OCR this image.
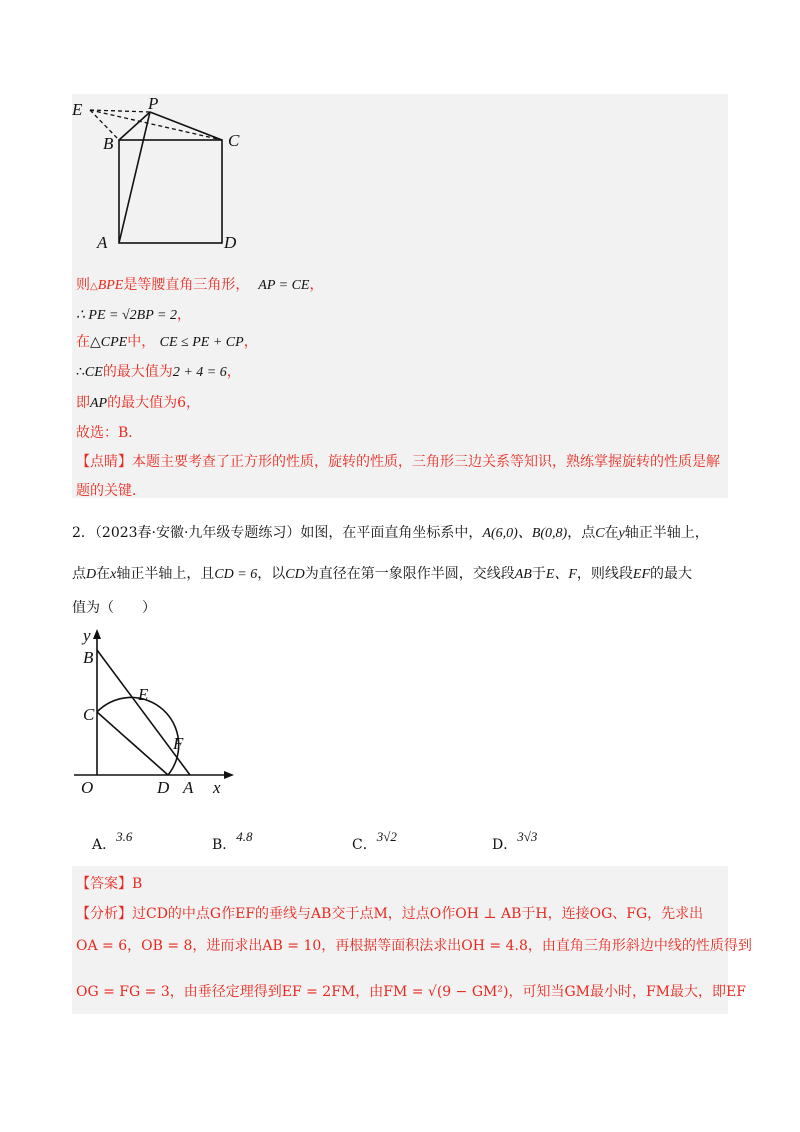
E	P
B	C
A	D
则△BPE是等腰直角三角形， AP = CE，
∴ PE = √2BP = 2，
在△CPE中， CE ≤ PE + CP，
∴CE的最大值为2 + 4 = 6，
即AP的最大值为6，
故选：B．
【点睛】本题主要考查了正方形的性质，旋转的性质，三角形三边关系等知识，熟练掌握旋转的性质是解
题的关键．
2．（2023春·安徽·九年级专题练习）如图，在平面直角坐标系中，A(6,0)、B(0,8)，点C在y轴正半轴上，
点D在x轴正半轴上，且CD = 6，以CD为直径在第一象限作半圆，交线段AB于E、F，则线段EF的最大
值为（　　）
y
B
E
C
F
O	D A x
A．3.6
B．4.8
C．3√2
D．3√3
【答案】B
【分析】过CD的中点G作EF的垂线与AB交于点M，过点O作OH ⊥ AB于H，连接OG、FG，先求出
OA = 6，OB = 8，进而求出AB = 10，再根据等面积法求出OH = 4.8，由直角三角形斜边中线的性质得到
OG = FG = 3，由垂径定理得到EF = 2FM，由FM = √(9 − GM²)，可知当GM最小时，FM最大，即EF
